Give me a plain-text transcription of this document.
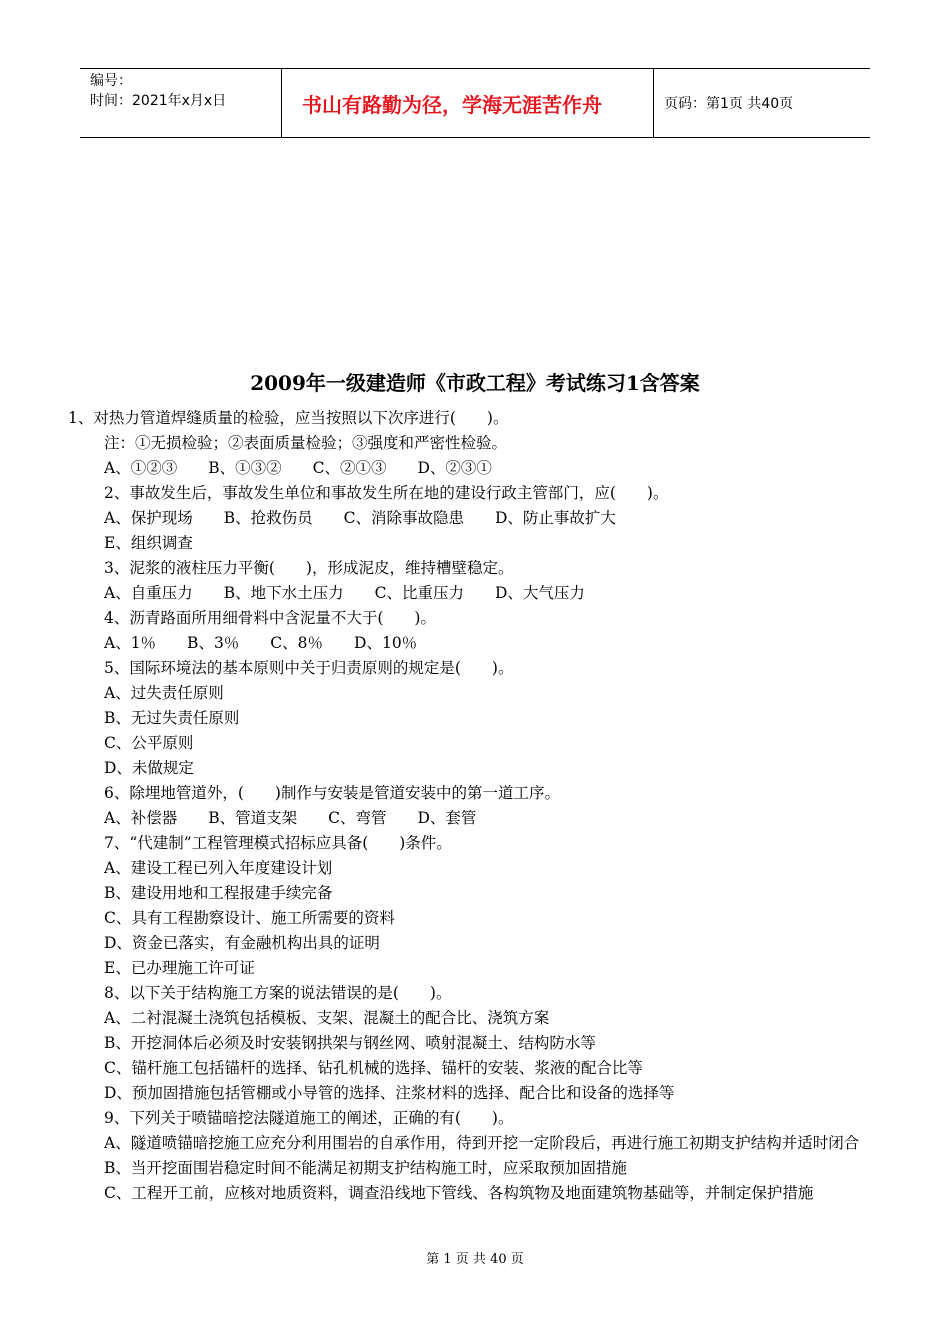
编号：
时间：2021年x月x日	书山有路勤为径，学海无涯苦作舟	页码：第1页 共40页
2009年一级建造师《市政工程》考试练习1含答案
1、对热力管道焊缝质量的检验，应当按照以下次序进行(　　)。
注：①无损检验；②表面质量检验；③强度和严密性检验。
A、①②③　　B、①③②　　C、②①③　　D、②③①
2、事故发生后，事故发生单位和事故发生所在地的建设行政主管部门，应(　　)。
A、保护现场　　B、抢救伤员　　C、消除事故隐患　　D、防止事故扩大
E、组织调查
3、泥浆的液柱压力平衡(　　)，形成泥皮，维持槽壁稳定。
A、自重压力　　B、地下水土压力　　C、比重压力　　D、大气压力
4、沥青路面所用细骨料中含泥量不大于(　　)。
A、1％　　B、3％　　C、8％　　D、10％
5、国际环境法的基本原则中关于归责原则的规定是(　　)。
A、过失责任原则
B、无过失责任原则
C、公平原则
D、未做规定
6、除埋地管道外，(　　)制作与安装是管道安装中的第一道工序。
A、补偿器　　B、管道支架　　C、弯管　　D、套管
7、“代建制”工程管理模式招标应具备(　　)条件。
A、建设工程已列入年度建设计划
B、建设用地和工程报建手续完备
C、具有工程勘察设计、施工所需要的资料
D、资金已落实，有金融机构出具的证明
E、已办理施工许可证
8、以下关于结构施工方案的说法错误的是(　　)。
A、二衬混凝土浇筑包括模板、支架、混凝土的配合比、浇筑方案
B、开挖洞体后必须及时安装钢拱架与钢丝网、喷射混凝土、结构防水等
C、锚杆施工包括锚杆的选择、钻孔机械的选择、锚杆的安装、浆液的配合比等
D、预加固措施包括管棚或小导管的选择、注浆材料的选择、配合比和设备的选择等
9、下列关于喷锚暗挖法隧道施工的阐述，正确的有(　　)。
A、隧道喷锚暗挖施工应充分利用围岩的自承作用，待到开挖一定阶段后，再进行施工初期支护结构并适时闭合
B、当开挖面围岩稳定时间不能满足初期支护结构施工时，应采取预加固措施
C、工程开工前，应核对地质资料，调查沿线地下管线、各构筑物及地面建筑物基础等，并制定保护措施
第 1 页 共 40 页
